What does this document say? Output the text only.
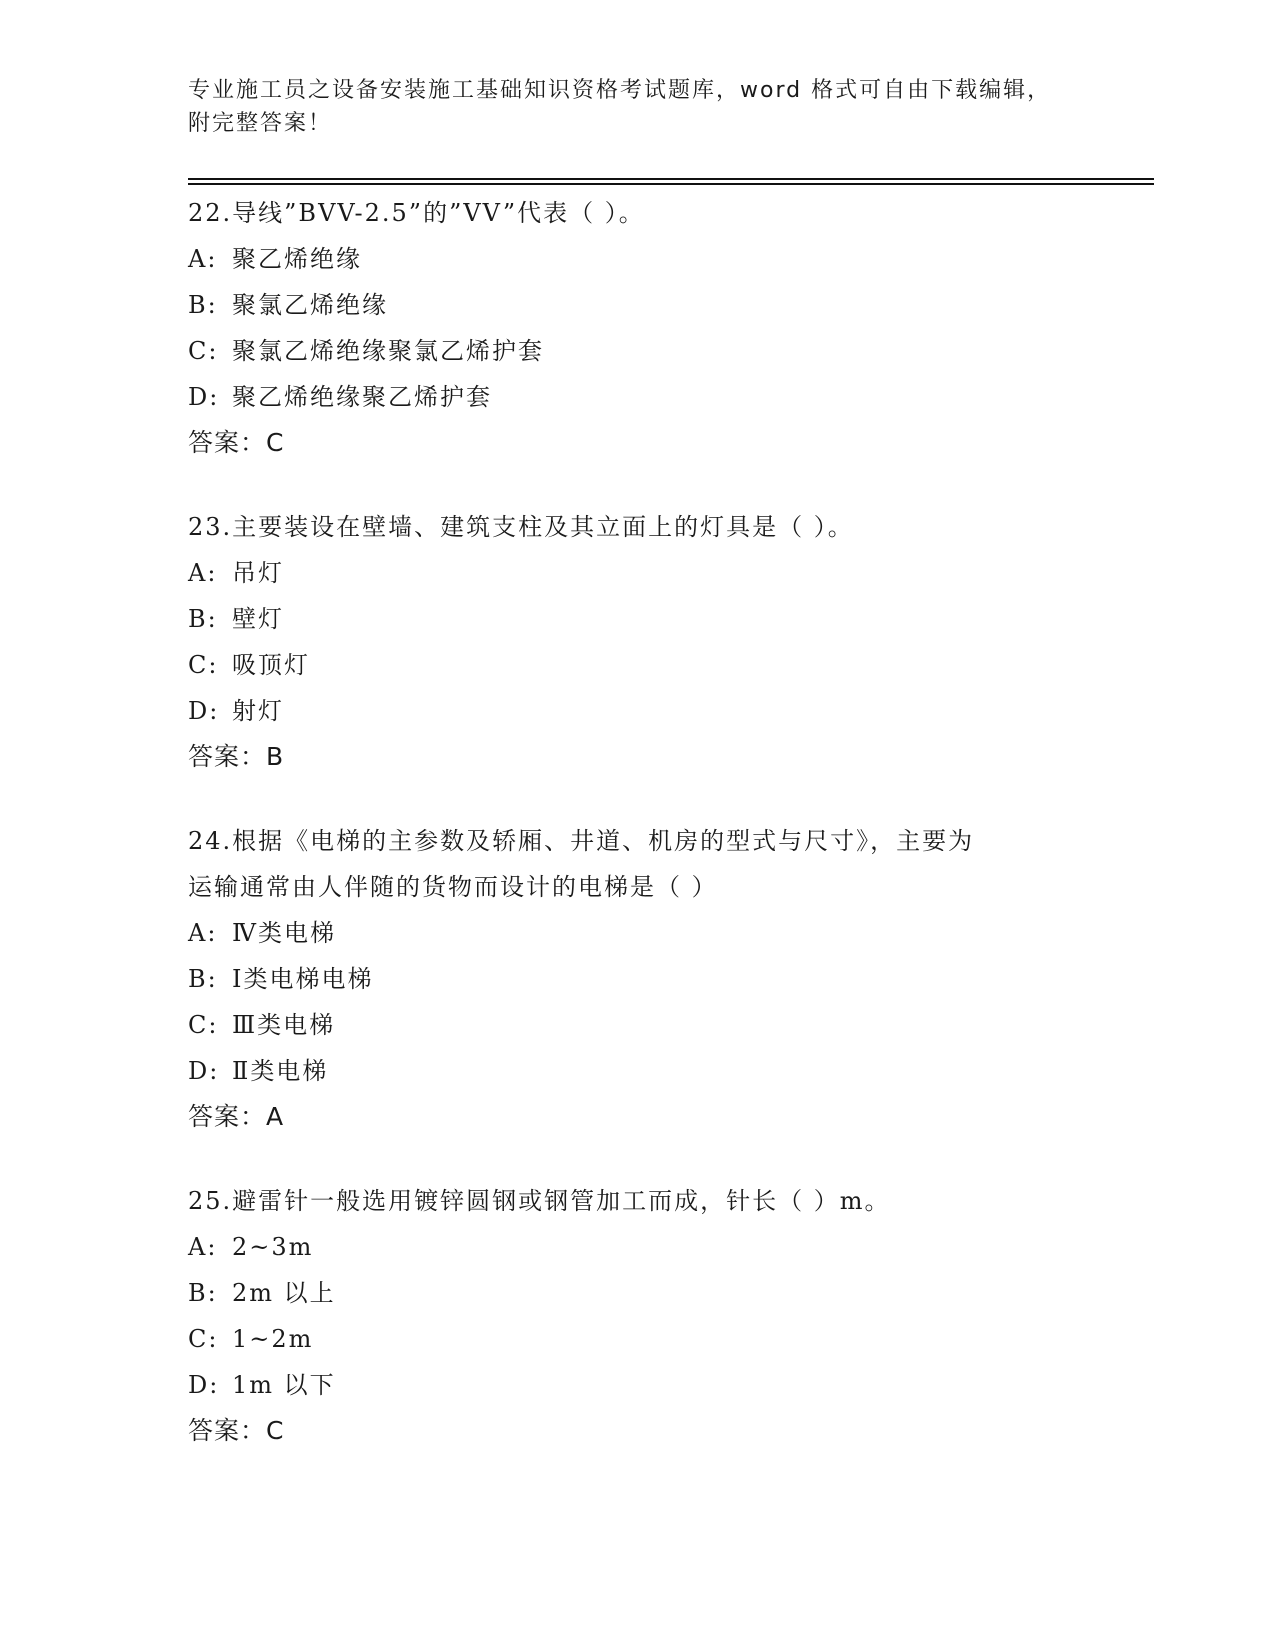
专业施工员之设备安装施工基础知识资格考试题库，word 格式可自由下载编辑，
附完整答案！
22.导线”BVV-2.5”的”VV”代表（ ）。
A: 聚乙烯绝缘
B: 聚氯乙烯绝缘
C: 聚氯乙烯绝缘聚氯乙烯护套
D: 聚乙烯绝缘聚乙烯护套
答案：C
23.主要装设在壁墙、建筑支柱及其立面上的灯具是（ ）。
A: 吊灯
B: 壁灯
C: 吸顶灯
D: 射灯
答案：B
24.根据《电梯的主参数及轿厢、井道、机房的型式与尺寸》，主要为
运输通常由人伴随的货物而设计的电梯是（ ）
A: Ⅳ类电梯
B: Ⅰ类电梯电梯
C: Ⅲ类电梯
D: Ⅱ类电梯
答案：A
25.避雷针一般选用镀锌圆钢或钢管加工而成，针长（ ）m。
A: 2~3m
B: 2m 以上
C: 1~2m
D: 1m 以下
答案：C
